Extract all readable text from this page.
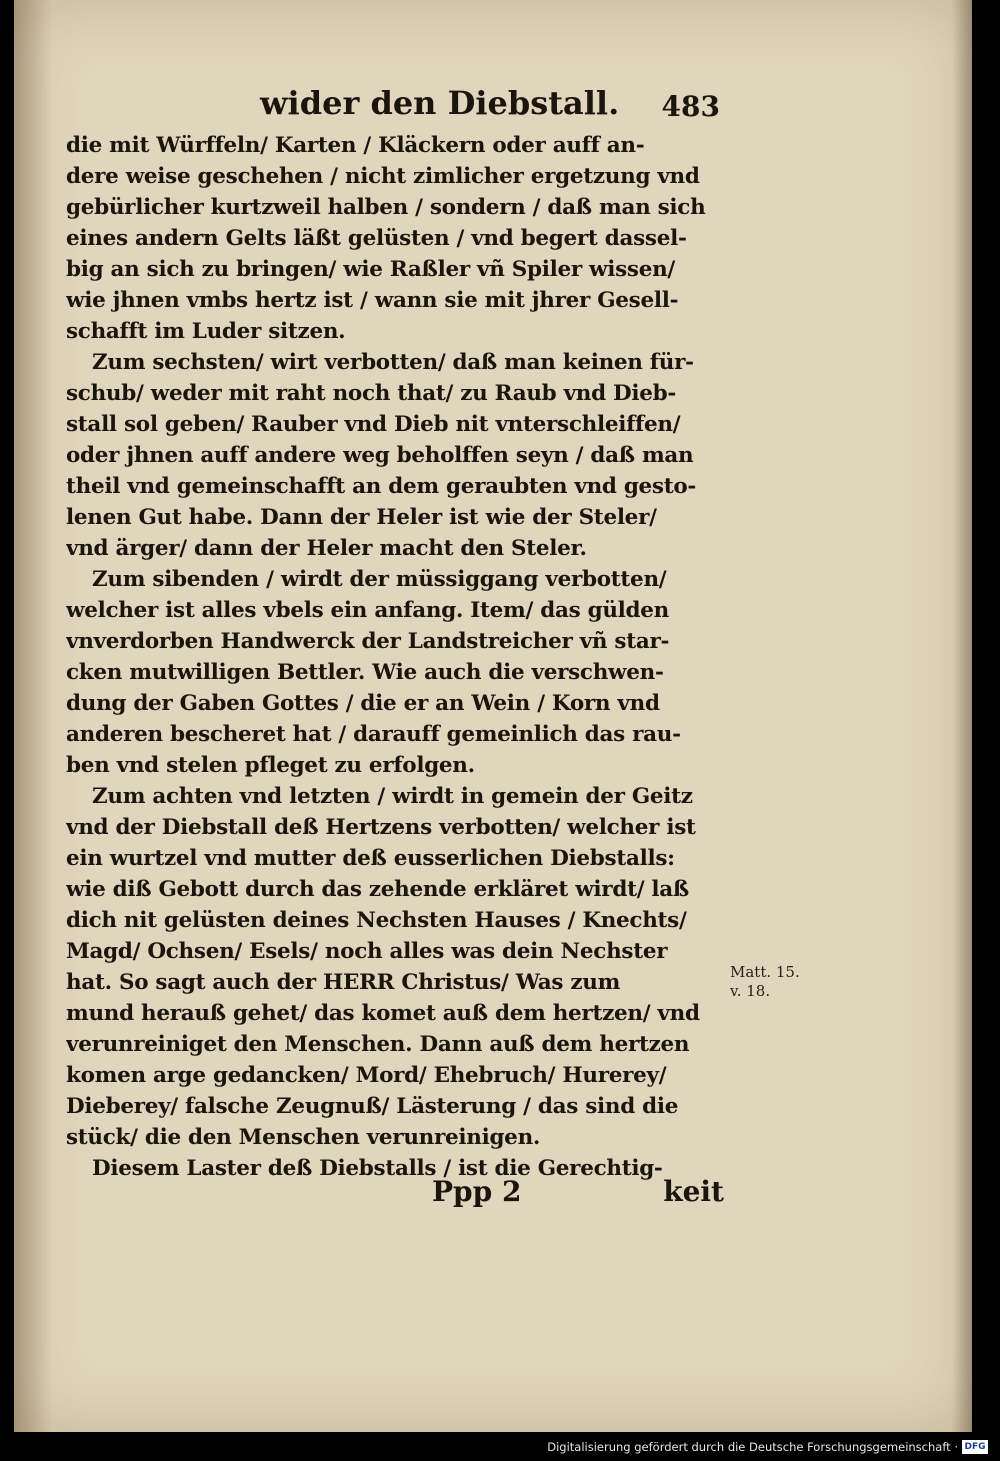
wider den Diebstall. 483
die mit Würffeln/ Karten / Kläckern oder auff an-
dere weise geschehen / nicht zimlicher ergetzung vnd
gebürlicher kurtzweil halben / sondern / daß man sich
eines andern Gelts läßt gelüsten / vnd begert dassel-
big an sich zu bringen/ wie Raßler vñ Spiler wissen/
wie jhnen vmbs hertz ist / wann sie mit jhrer Gesell-
schafft im Luder sitzen.
Zum sechsten/ wirt verbotten/ daß man keinen für-
schub/ weder mit raht noch that/ zu Raub vnd Dieb-
stall sol geben/ Rauber vnd Dieb nit vnterschleiffen/
oder jhnen auff andere weg beholffen seyn / daß man
theil vnd gemeinschafft an dem geraubten vnd gesto-
lenen Gut habe. Dann der Heler ist wie der Steler/
vnd ärger/ dann der Heler macht den Steler.
Zum sibenden / wirdt der müssiggang verbotten/
welcher ist alles vbels ein anfang. Item/ das gülden
vnverdorben Handwerck der Landstreicher vñ star-
cken mutwilligen Bettler. Wie auch die verschwen-
dung der Gaben Gottes / die er an Wein / Korn vnd
anderen bescheret hat / darauff gemeinlich das rau-
ben vnd stelen pfleget zu erfolgen.
Zum achten vnd letzten / wirdt in gemein der Geitz
vnd der Diebstall deß Hertzens verbotten/ welcher ist
ein wurtzel vnd mutter deß eusserlichen Diebstalls:
wie diß Gebott durch das zehende erkläret wirdt/ laß
dich nit gelüsten deines Nechsten Hauses / Knechts/
Magd/ Ochsen/ Esels/ noch alles was dein Nechster
hat. So sagt auch der HERR Christus/ Was zum
mund herauß gehet/ das komet auß dem hertzen/ vnd
verunreiniget den Menschen. Dann auß dem hertzen
komen arge gedancken/ Mord/ Ehebruch/ Hurerey/
Dieberey/ falsche Zeugnuß/ Lästerung / das sind die
stück/ die den Menschen verunreinigen.
Diesem Laster deß Diebstalls / ist die Gerechtig-
Matt. 15.
v. 18.
Ppp 2	keit
Digitalisierung gefördert durch die Deutsche Forschungsgemeinschaft · DFG
